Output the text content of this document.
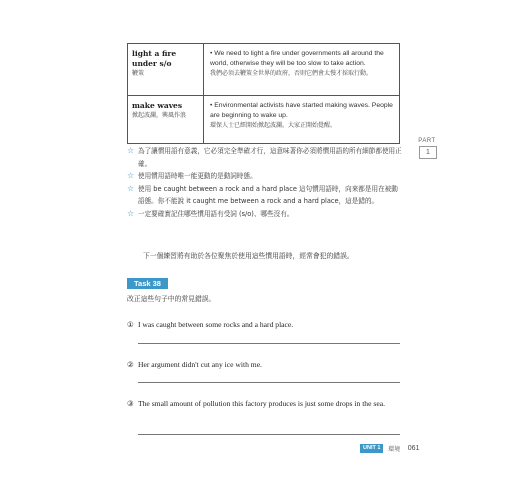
light a fire under s/o
鞭策	• We need to light a fire under governments all around the world, otherwise they will be too slow to take action.
我們必須去鞭策全世界的政府，否則它們會太慢才採取行動。

make waves
掀起波瀾，興風作浪	• Environmental activists have started making waves. People are beginning to wake up.
環保人士已經開始掀起波瀾。大家正開始覺醒。
PART
1
☆ 為了讓慣用語有意義，它必須完全準確才行，這意味著你必須將慣用語的所有細節都使用正確。
☆ 使用慣用語時唯一能更動的是動詞時態。
☆ 使用 be caught between a rock and a hard place 這句慣用語時，向來都是用在被動語態。你不能說 it caught me between a rock and a hard place，這是錯的。
☆ 一定要確實記住哪些慣用語有受詞 (s/o)、哪些沒有。
下一個練習將有助於各位聚焦於使用這些慣用語時，經常會犯的錯誤。
Task 38
改正這些句子中的常見錯誤。
① I was caught between some rocks and a hard place.
② Her argument didn't cut any ice with me.
③ The small amount of pollution this factory produces is just some drops in the sea.
UNIT 1 環境 061
